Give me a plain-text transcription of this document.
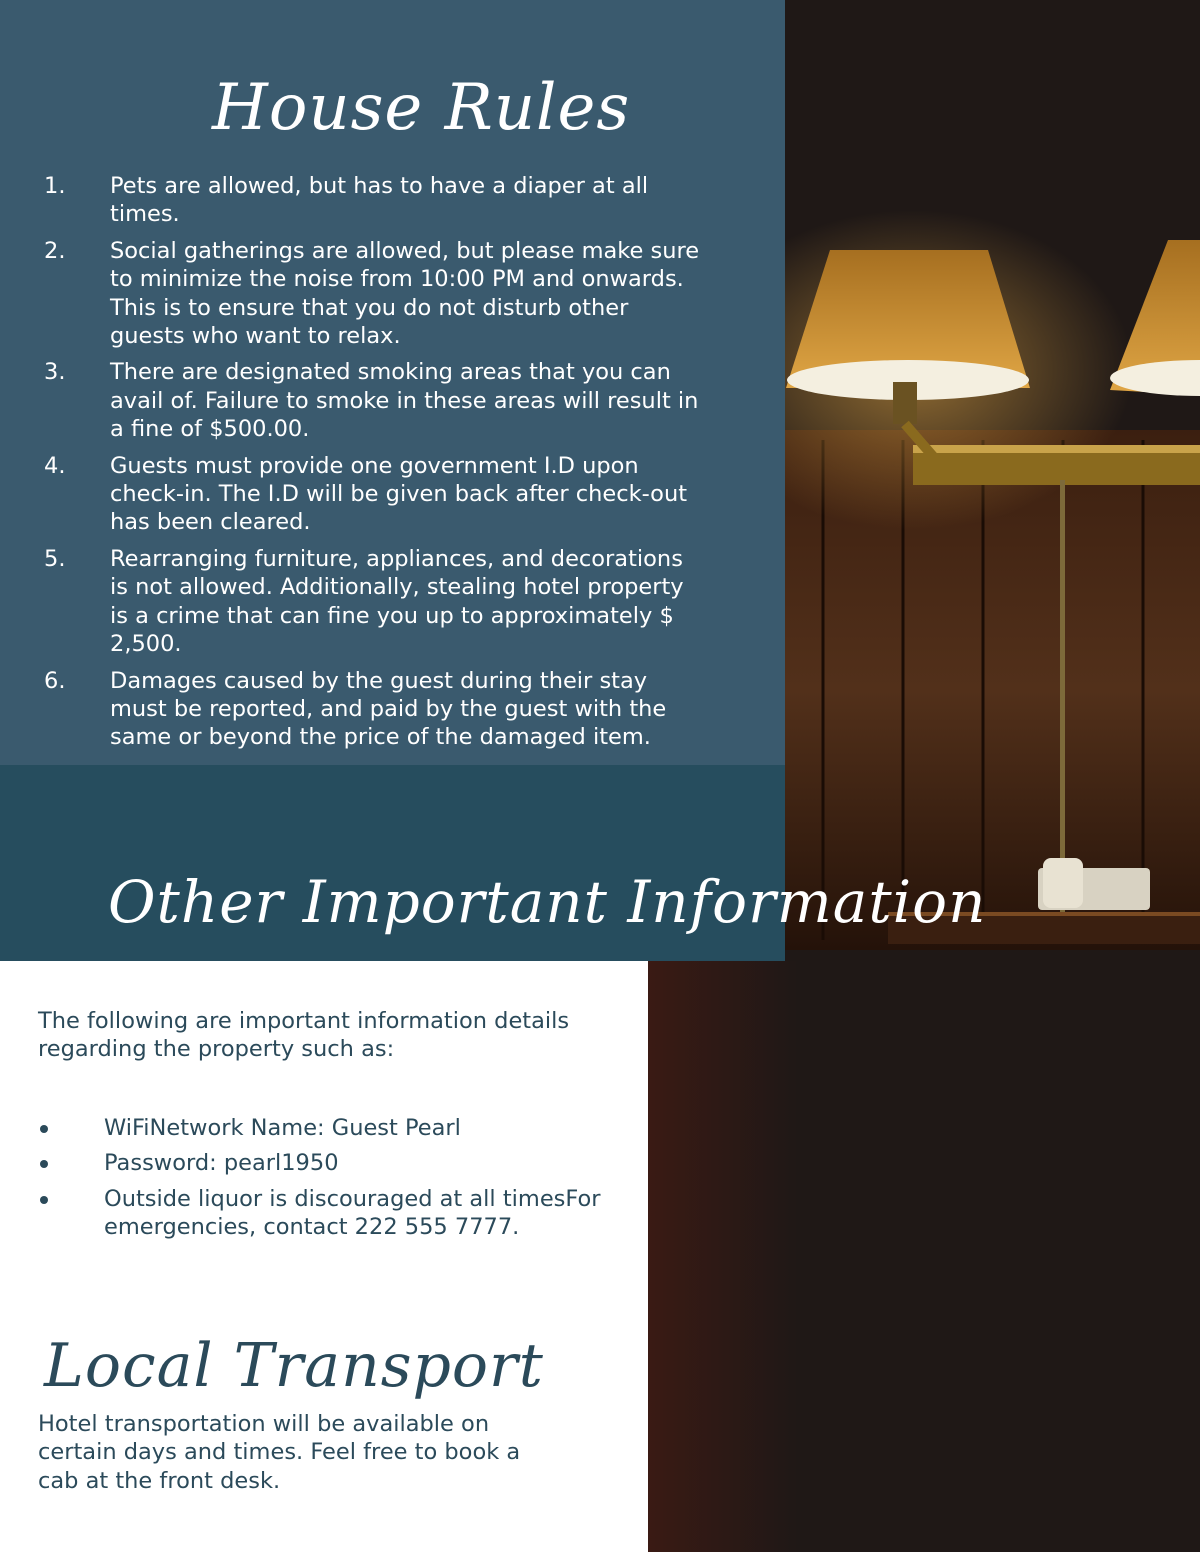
House Rules
1. Pets are allowed, but has to have a diaper at all times.
2. Social gatherings are allowed, but please make sure to minimize the noise from 10:00 PM and onwards. This is to ensure that you do not disturb other guests who want to relax.
3. There are designated smoking areas that you can avail of. Failure to smoke in these areas will result in a fine of $500.00.
4. Guests must provide one government I.D upon check-in. The I.D will be given back after check-out has been cleared.
5. Rearranging furniture, appliances, and decorations is not allowed. Additionally, stealing hotel property is a crime that can fine you up to approximately $ 2,500.
6. Damages caused by the guest during their stay must be reported, and paid by the guest with the same or beyond the price of the damaged item.
Other Important Information

The following are important information details regarding the property such as:

WiFiNetwork Name: Guest Pearl
Password: pearl1950
Outside liquor is discouraged at all timesFor emergencies, contact 222 555 7777.
Local Transport

Hotel transportation will be available on certain days and times. Feel free to book a cab at the front desk.
